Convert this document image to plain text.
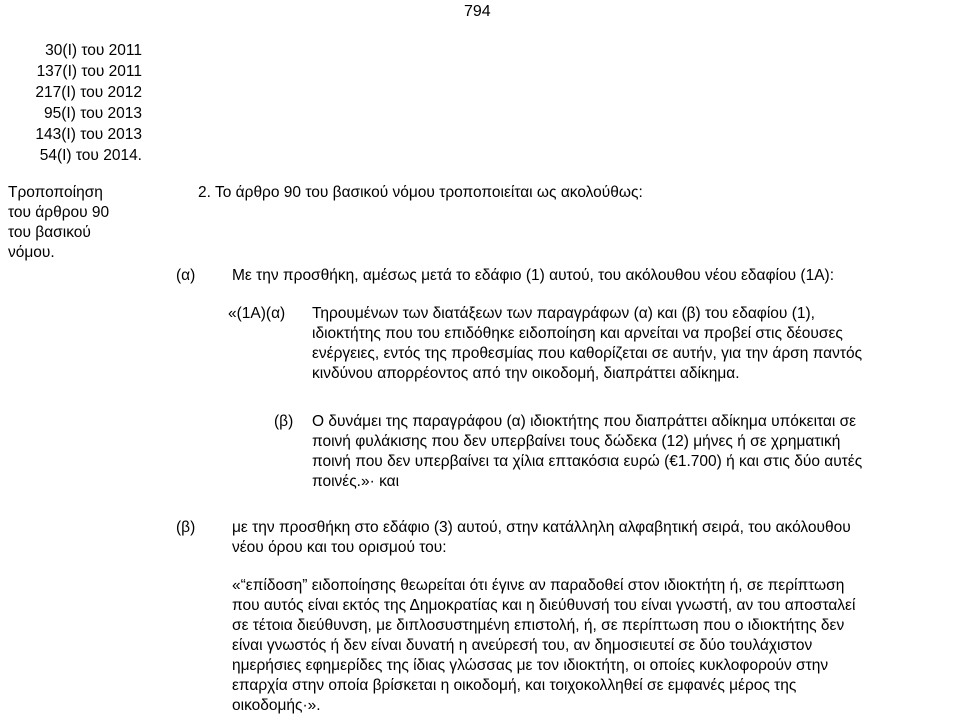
794
30(I) του 2011
137(I) του 2011
217(I) του 2012
95(I) του 2013
143(I) του 2013
54(I) του 2014.
Τροποποίηση
του άρθρου 90
του βασικού
νόμου.
2. Το άρθρο 90 του βασικού νόμου τροποποιείται ως ακολούθως:
(α) Με την προσθήκη, αμέσως μετά το εδάφιο (1) αυτού, του ακόλουθου νέου εδαφίου (1Α):
«(1Α)(α) Τηρουμένων των διατάξεων των παραγράφων (α) και (β) του εδαφίου (1),
ιδιοκτήτης που του επιδόθηκε ειδοποίηση και αρνείται να προβεί στις δέουσες
ενέργειες, εντός της προθεσμίας που καθορίζεται σε αυτήν, για την άρση παντός
κινδύνου απορρέοντος από την οικοδομή, διαπράττει αδίκημα.
(β) Ο δυνάμει της παραγράφου (α) ιδιοκτήτης που διαπράττει αδίκημα υπόκειται σε
ποινή φυλάκισης που δεν υπερβαίνει τους δώδεκα (12) μήνες ή σε χρηματική
ποινή που δεν υπερβαίνει τα χίλια επτακόσια ευρώ (€1.700) ή και στις δύο αυτές
ποινές.»· και
(β) με την προσθήκη στο εδάφιο (3) αυτού, στην κατάλληλη αλφαβητική σειρά, του ακόλουθου
νέου όρου και του ορισμού του:
«“επίδοση” ειδοποίησης θεωρείται ότι έγινε αν παραδοθεί στον ιδιοκτήτη ή, σε περίπτωση
που αυτός είναι εκτός της Δημοκρατίας και η διεύθυνσή του είναι γνωστή, αν του αποσταλεί
σε τέτοια διεύθυνση, με διπλοσυστημένη επιστολή, ή, σε περίπτωση που ο ιδιοκτήτης δεν
είναι γνωστός ή δεν είναι δυνατή η ανεύρεσή του, αν δημοσιευτεί σε δύο τουλάχιστον
ημερήσιες εφημερίδες της ίδιας γλώσσας με τον ιδιοκτήτη, οι οποίες κυκλοφορούν στην
επαρχία στην οποία βρίσκεται η οικοδομή, και τοιχοκολληθεί σε εμφανές μέρος της
οικοδομής·».
